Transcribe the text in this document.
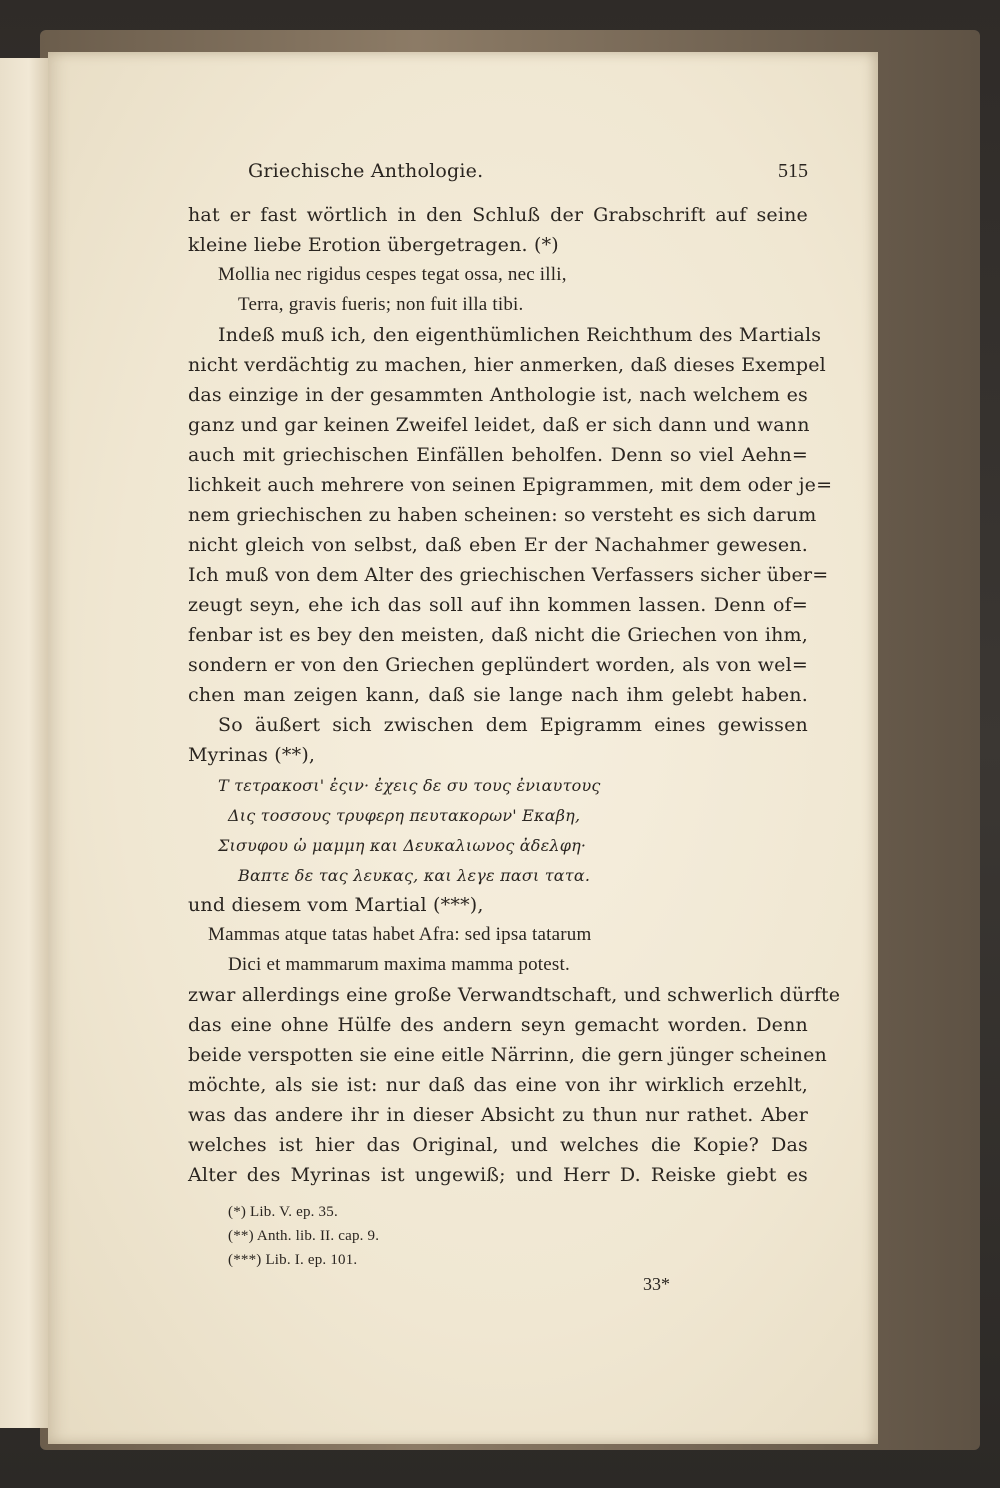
Griechische Anthologie.	515
hat er fast wörtlich in den Schluß der Grabschrift auf seine
kleine liebe Erotion übergetragen. (*)
Mollia nec rigidus cespes tegat ossa, nec illi,
Terra, gravis fueris; non fuit illa tibi.
Indeß muß ich, den eigenthümlichen Reichthum des Martials
nicht verdächtig zu machen, hier anmerken, daß dieses Exempel
das einzige in der gesammten Anthologie ist, nach welchem es
ganz und gar keinen Zweifel leidet, daß er sich dann und wann
auch mit griechischen Einfällen beholfen. Denn so viel Aehn=
lichkeit auch mehrere von seinen Epigrammen, mit dem oder je=
nem griechischen zu haben scheinen: so versteht es sich darum
nicht gleich von selbst, daß eben Er der Nachahmer gewesen.
Ich muß von dem Alter des griechischen Verfassers sicher über=
zeugt seyn, ehe ich das soll auf ihn kommen lassen. Denn of=
fenbar ist es bey den meisten, daß nicht die Griechen von ihm,
sondern er von den Griechen geplündert worden, als von wel=
chen man zeigen kann, daß sie lange nach ihm gelebt haben.
So äußert sich zwischen dem Epigramm eines gewissen
Myrinas (**),
Τ τετρακοσι' ἐςιν· ἐχεις δε συ τους ἐνιαυτους
Δις τοσσους τρυφερη πευτακορων' Εκαβη,
Σισυφου ὠ μαμμη και Δευκαλιωνος ἀδελφη·
Βαπτε δε τας λευκας, και λεγε πασι τατα.
und diesem vom Martial (***),
Mammas atque tatas habet Afra: sed ipsa tatarum
Dici et mammarum maxima mamma potest.
zwar allerdings eine große Verwandtschaft, und schwerlich dürfte
das eine ohne Hülfe des andern seyn gemacht worden. Denn
beide verspotten sie eine eitle Närrinn, die gern jünger scheinen
möchte, als sie ist: nur daß das eine von ihr wirklich erzehlt,
was das andere ihr in dieser Absicht zu thun nur rathet. Aber
welches ist hier das Original, und welches die Kopie? Das
Alter des Myrinas ist ungewiß; und Herr D. Reiske giebt es
(*) Lib. V. ep. 35.
(**) Anth. lib. II. cap. 9.
(***) Lib. I. ep. 101.
33*
